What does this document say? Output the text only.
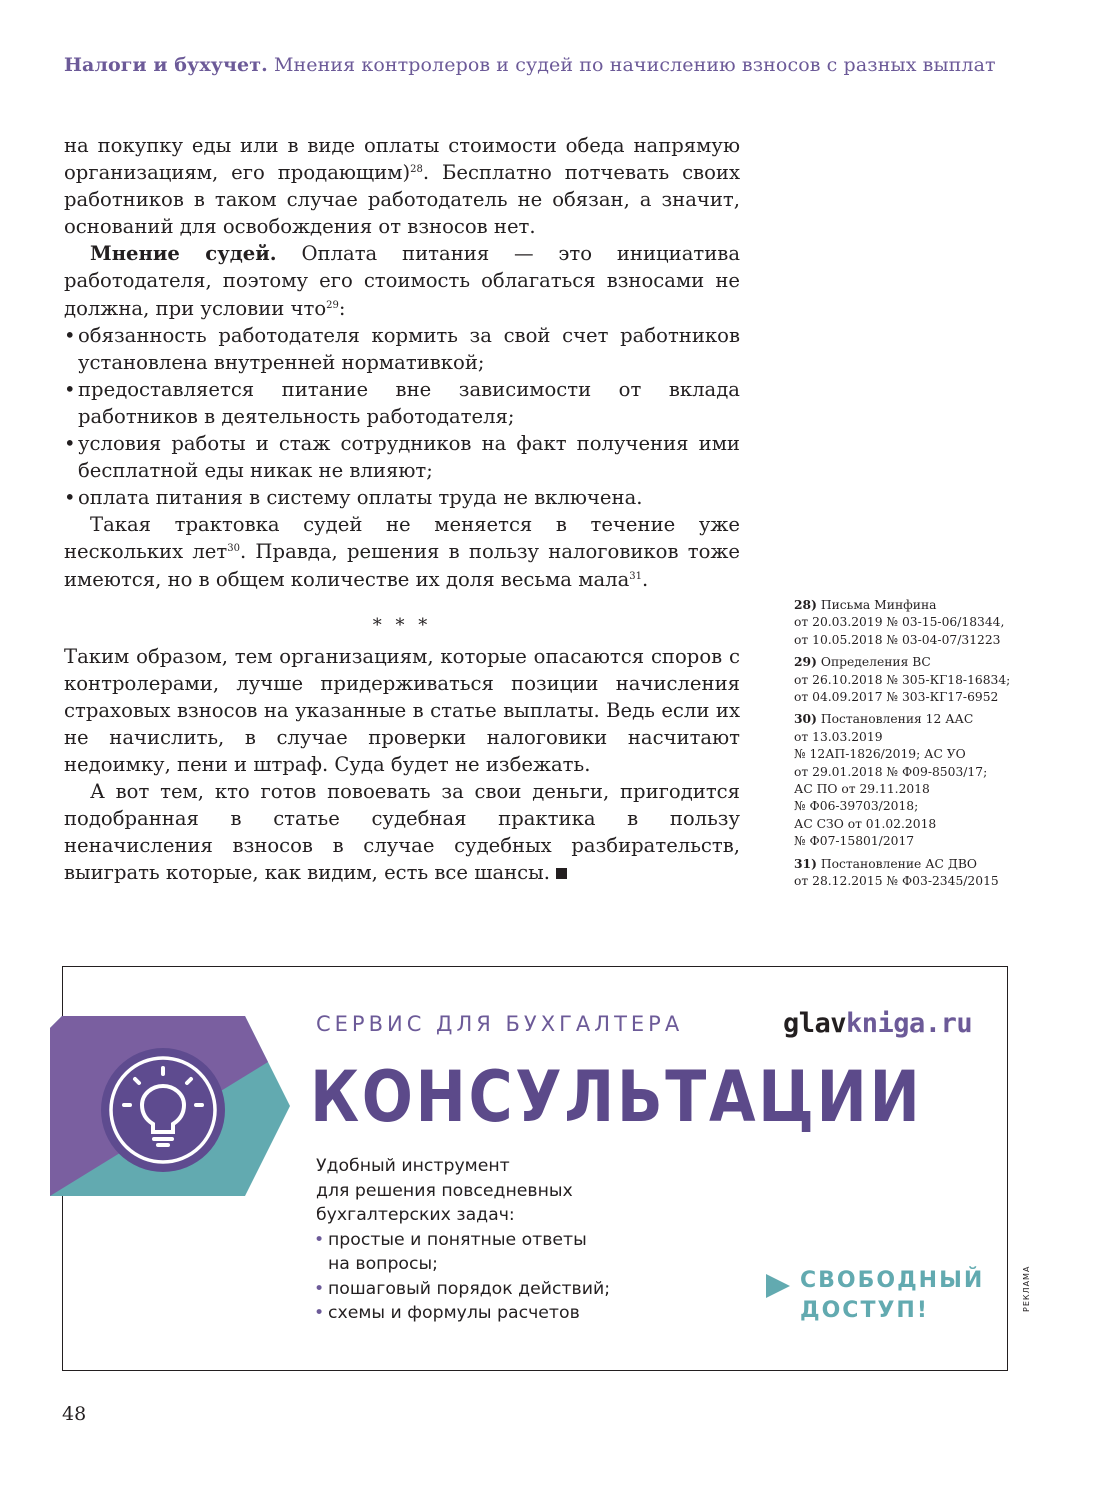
Налоги и бухучет. Мнения контролеров и судей по начислению взносов с разных выплат

на покупку еды или в виде оплаты стоимости обеда напрямую организациям, его продающим)$^{28}$. Бесплатно потчевать своих работников в таком случае работодатель не обязан, а значит, оснований для освобождения от взносов нет.

Мнение судей. Оплата питания — это инициатива работодателя, поэтому его стоимость облагаться взносами не должна, при условии что$^{29}$:

• обязанность работодателя кормить за свой счет работников установлена внутренней нормативкой;
• предоставляется питание вне зависимости от вклада работников в деятельность работодателя;
• условия работы и стаж сотрудников на факт получения ими бесплатной еды никак не влияют;
• оплата питания в систему оплаты труда не включена.

Такая трактовка судей не меняется в течение уже нескольких лет$^{30}$. Правда, решения в пользу налоговиков тоже имеются, но в общем количестве их доля весьма мала$^{31}$.

* * *

Таким образом, тем организациям, которые опасаются споров с контролерами, лучше придерживаться позиции начисления страховых взносов на указанные в статье выплаты. Ведь если их не начислить, в случае проверки налоговики насчитают недоимку, пени и штраф. Суда будет не избежать.

А вот тем, кто готов повоевать за свои деньги, пригодится подобранная в статье судебная практика в пользу неначисления взносов в случае судебных разбирательств, выиграть которые, как видим, есть все шансы.

28) Письма Минфина
от 20.03.2019 № 03-15-06/18344,
от 10.05.2018 № 03-04-07/31223
29) Определения ВС
от 26.10.2018 № 305-КГ18-16834;
от 04.09.2017 № 303-КГ17-6952
30) Постановления 12 ААС
от 13.03.2019
№ 12АП-1826/2019; АС УО
от 29.01.2018 № Ф09-8503/17;
АС ПО от 29.11.2018
№ Ф06-39703/2018;
АС СЗО от 01.02.2018
№ Ф07-15801/2017
31) Постановление АС ДВО
от 28.12.2015 № Ф03-2345/2015
СЕРВИС ДЛЯ БУХГАЛТЕРА	glavkniga.ru
КОНСУЛЬТАЦИИ
Удобный инструмент
для решения повседневных
бухгалтерских задач:
• простые и понятные ответы
на вопросы;
• пошаговый порядок действий;
• схемы и формулы расчетов
СВОБОДНЫЙ
ДОСТУП!	РЕКЛАМА
48
